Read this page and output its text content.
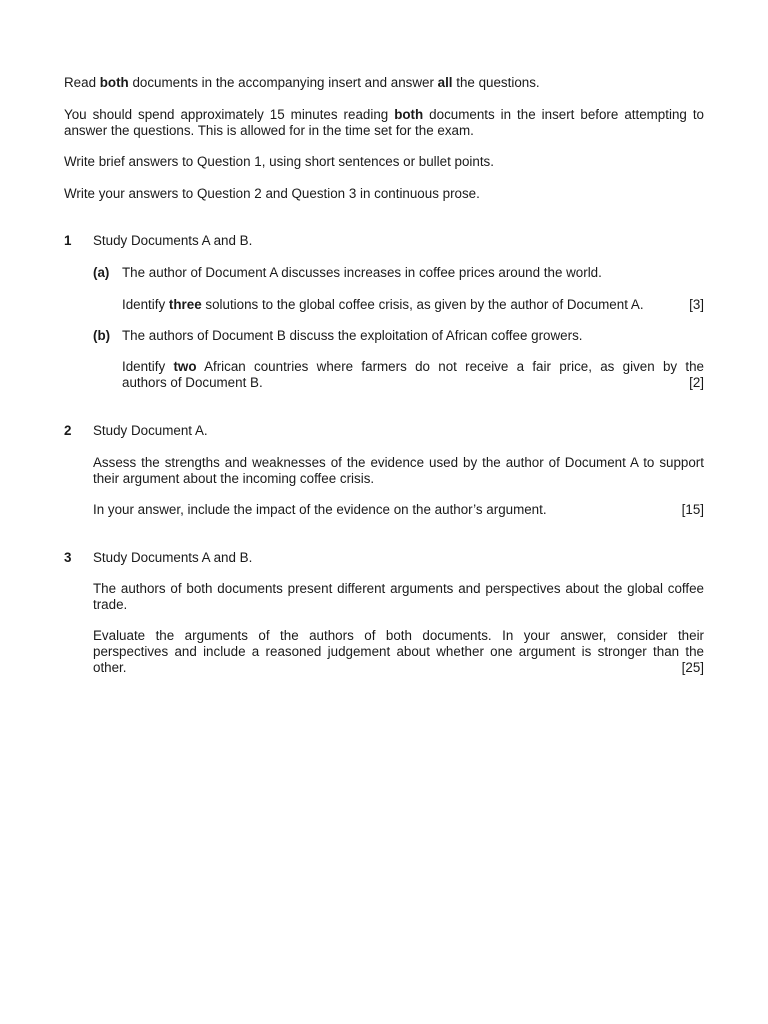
Read both documents in the accompanying insert and answer all the questions.

You should spend approximately 15 minutes reading both documents in the insert before attempting to answer the questions. This is allowed for in the time set for the exam.

Write brief answers to Question 1, using short sentences or bullet points.

Write your answers to Question 2 and Question 3 in continuous prose.

1 Study Documents A and B.
(a) The author of Document A discusses increases in coffee prices around the world.

[3]
Identify three solutions to the global coffee crisis, as given by the author of Document A.

(b) The authors of Document B discuss the exploitation of African coffee growers.

Identify two African countries where farmers do not receive a fair price, as given by the

[2]
authors of Document B.

2 Study Document A.

Assess the strengths and weaknesses of the evidence used by the author of Document A to support their argument about the incoming coffee crisis.

[15]
In your answer, include the impact of the evidence on the author’s argument.

3 Study Documents A and B.

The authors of both documents present different arguments and perspectives about the global coffee trade.

Evaluate the arguments of the authors of both documents. In your answer, consider their

perspectives and include a reasoned judgement about whether one argument is stronger than the

[25]
other.
